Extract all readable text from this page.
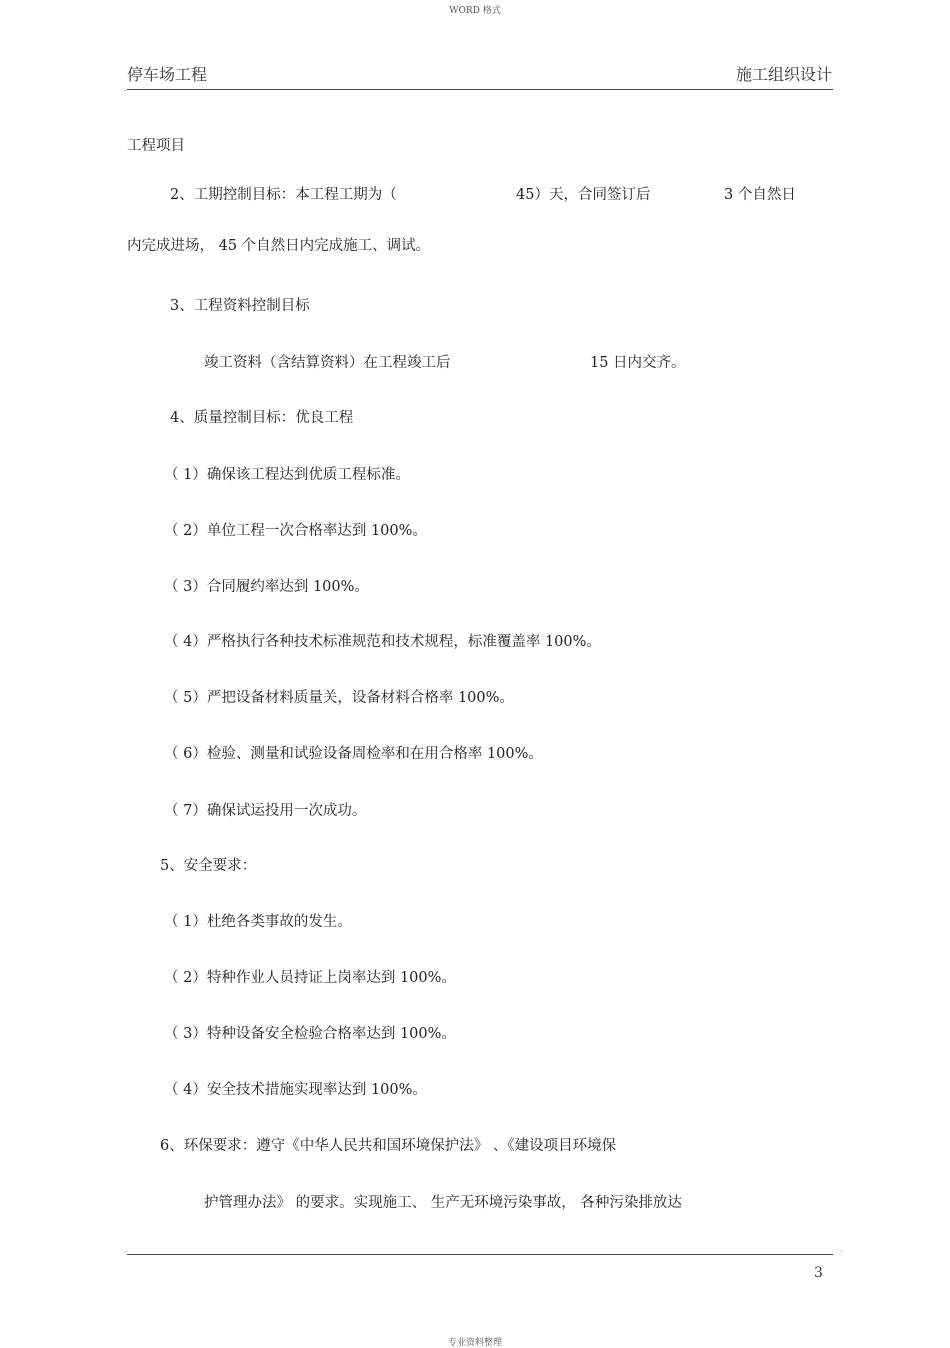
WORD 格式
停车场工程	施工组织设计
.
工程项目
2、工期控制目标：本工程工期为（	45）天，合同签订后	3 个自然日
内完成进场， 45 个自然日内完成施工、调试。
3、工程资料控制目标
竣工资料（含结算资料）在工程竣工后	15 日内交齐。
4、质量控制目标：优良工程
（ 1）确保该工程达到优质工程标准。
（ 2）单位工程一次合格率达到 100%。
（ 3）合同履约率达到 100%。
（ 4）严格执行各种技术标准规范和技术规程，标准覆盖率 100%。
（ 5）严把设备材料质量关，设备材料合格率 100%。
（ 6）检验、测量和试验设备周检率和在用合格率 100%。
（ 7）确保试运投用一次成功。
5、安全要求：
（ 1）杜绝各类事故的发生。
（ 2）特种作业人员持证上岗率达到 100%。
（ 3）特种设备安全检验合格率达到 100%。
（ 4）安全技术措施实现率达到 100%。
6、环保要求：遵守《中华人民共和国环境保护法》 、《建设项目环境保
护管理办法》 的要求。实现施工、 生产无环境污染事故， 各种污染排放达
.	.
3
专业资料整理
